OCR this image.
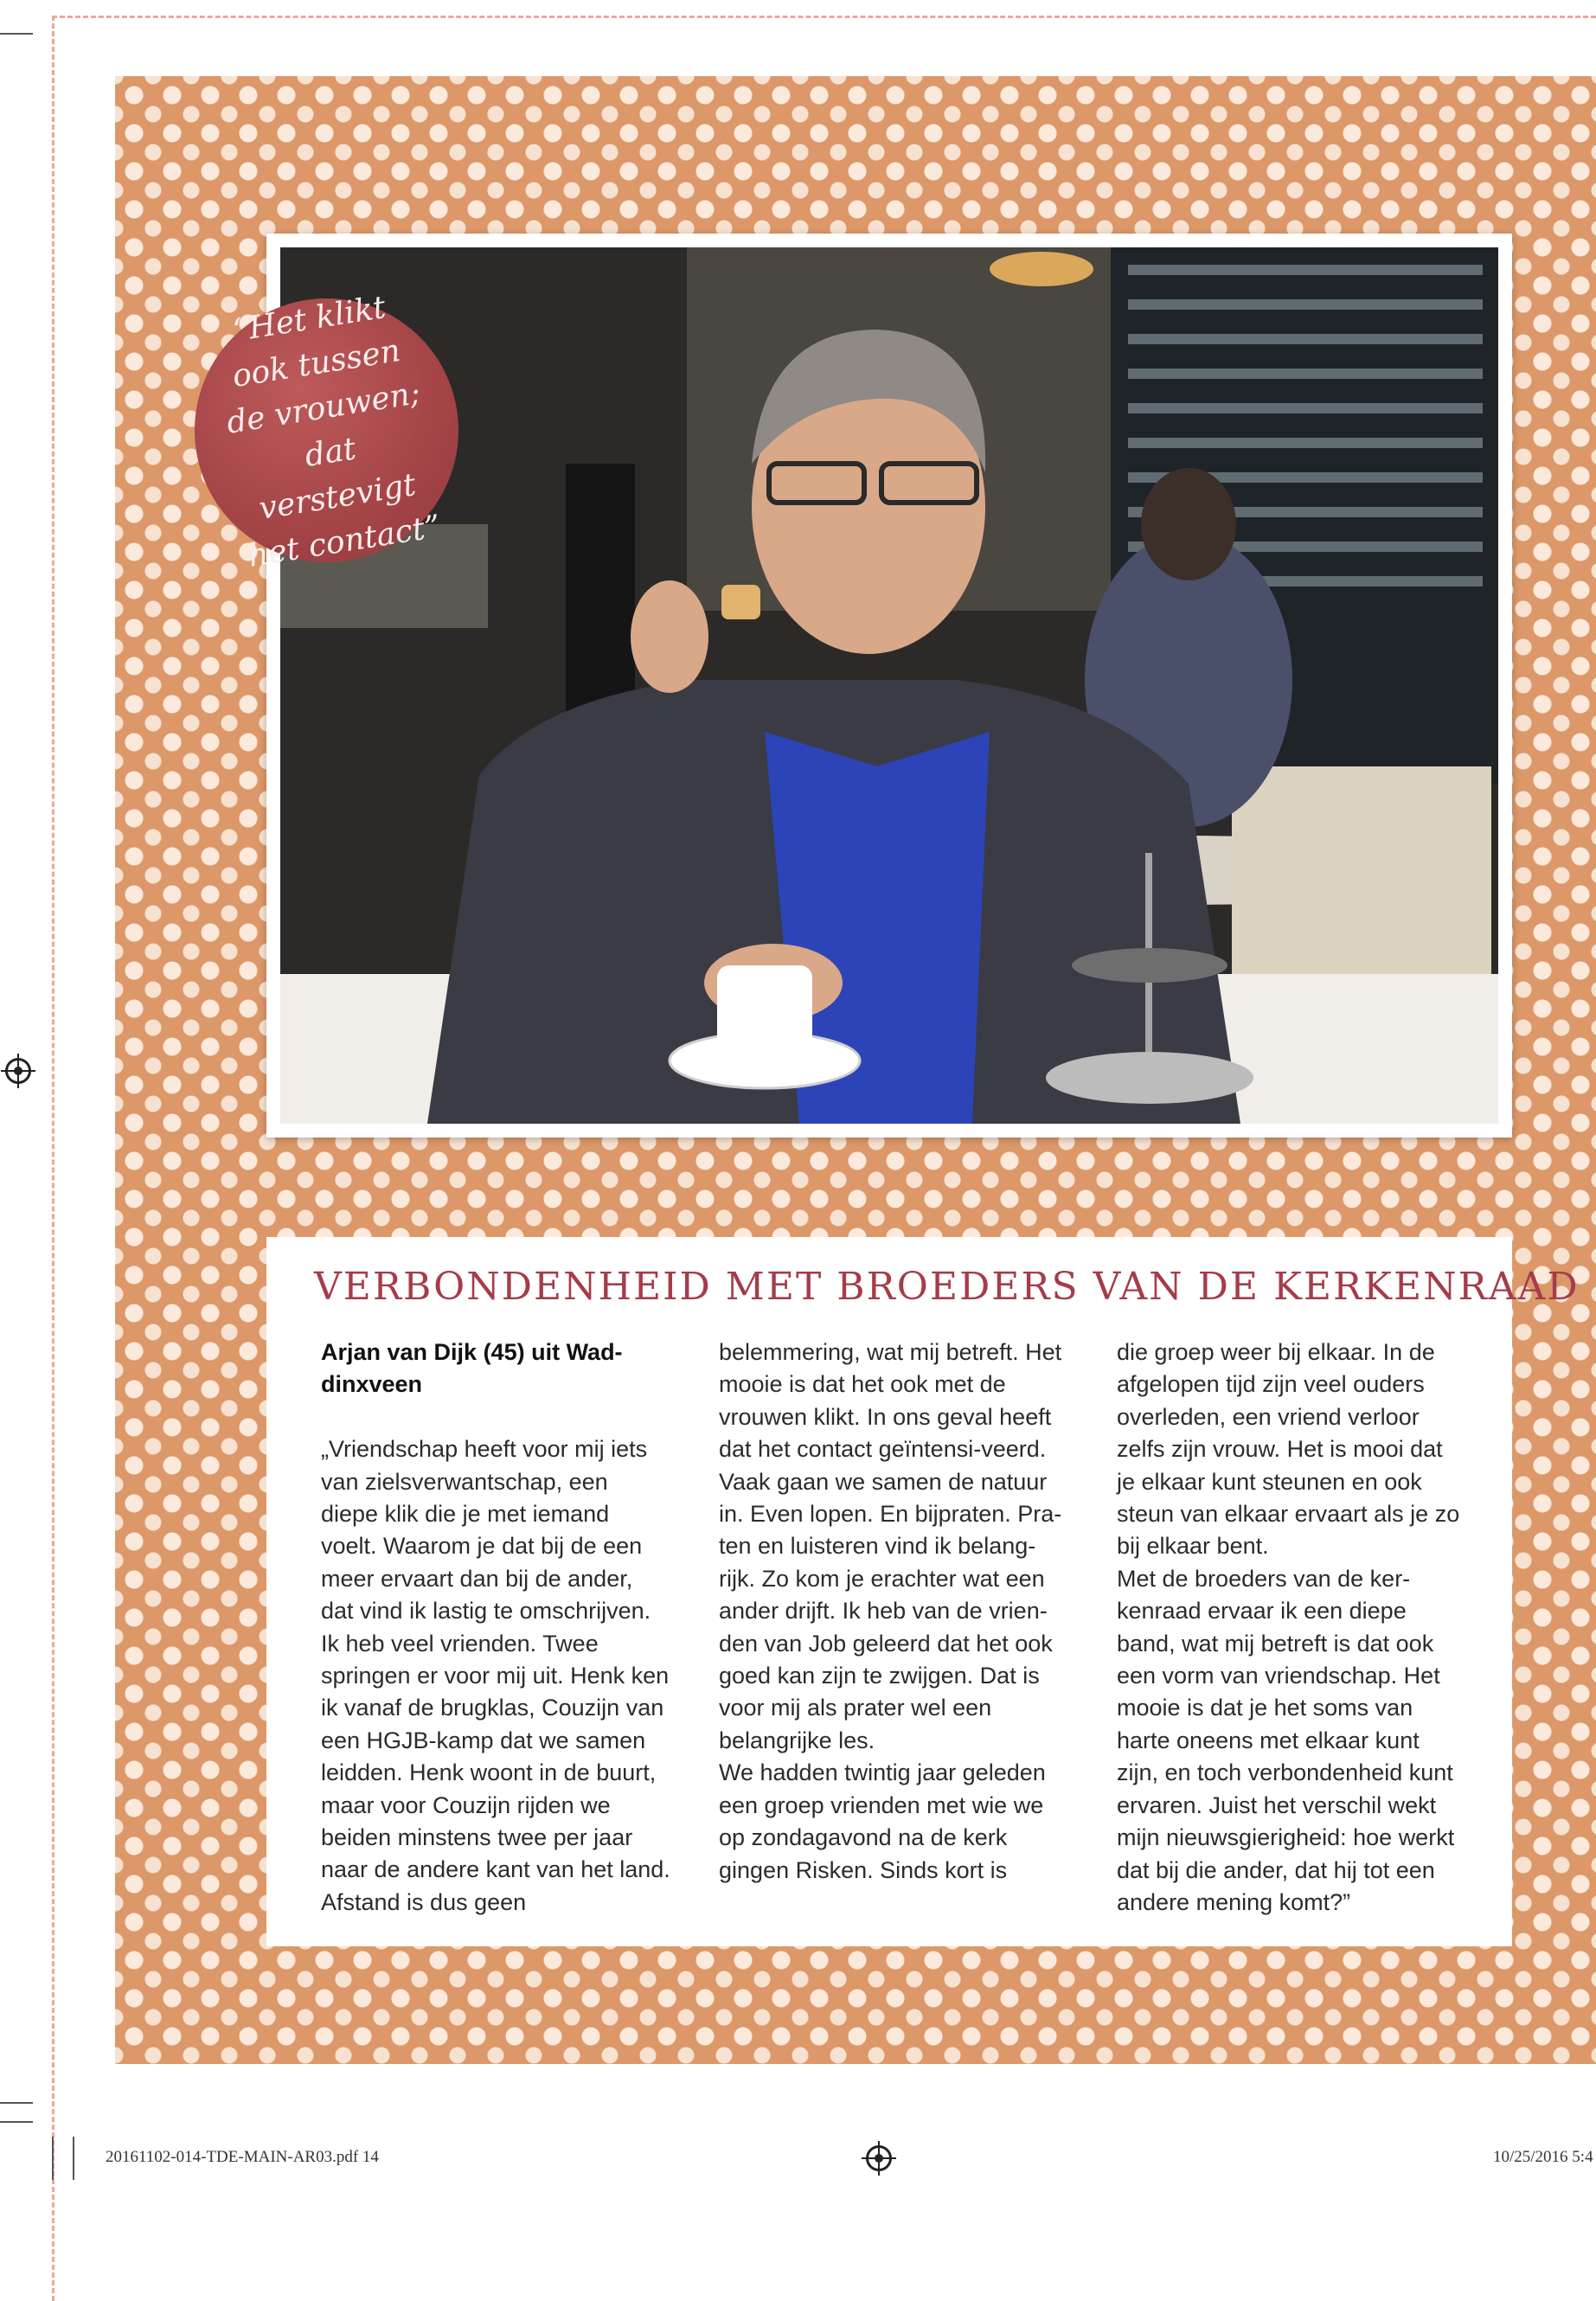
“Het klikt ook tussen de vrouwen; dat verstevigt het contact”
VERBONDENHEID MET BROEDERS VAN DE KERKENRAAD

Arjan van Dijk (45) uit Wad-dinxveen

„Vriendschap heeft voor mij iets van zielsverwantschap, een diepe klik die je met iemand voelt. Waarom je dat bij de een meer ervaart dan bij de ander, dat vind ik lastig te omschrijven. Ik heb veel vrienden. Twee springen er voor mij uit. Henk ken ik vanaf de brugklas, Couzijn van een HGJB-kamp dat we samen leidden. Henk woont in de buurt, maar voor Couzijn rijden we beiden minstens twee per jaar naar de andere kant van het land. Afstand is dus geen

belemmering, wat mij betreft. Het mooie is dat het ook met de vrouwen klikt. In ons geval heeft dat het contact geïntensi-veerd.

Vaak gaan we samen de natuur in. Even lopen. En bijpraten. Pra-ten en luisteren vind ik belang-rijk. Zo kom je erachter wat een ander drijft. Ik heb van de vrien-den van Job geleerd dat het ook goed kan zijn te zwijgen. Dat is voor mij als prater wel een belangrijke les.

We hadden twintig jaar geleden een groep vrienden met wie we op zondagavond na de kerk gingen Risken. Sinds kort is

die groep weer bij elkaar. In de afgelopen tijd zijn veel ouders overleden, een vriend verloor zelfs zijn vrouw. Het is mooi dat je elkaar kunt steunen en ook steun van elkaar ervaart als je zo bij elkaar bent.

Met de broeders van de ker-kenraad ervaar ik een diepe band, wat mij betreft is dat ook een vorm van vriendschap. Het mooie is dat je het soms van harte oneens met elkaar kunt zijn, en toch verbondenheid kunt ervaren. Juist het verschil wekt mijn nieuwsgierigheid: hoe werkt dat bij die ander, dat hij tot een andere mening komt?”

20161102-014-TDE-MAIN-AR03.pdf 14	10/25/2016 5:4
